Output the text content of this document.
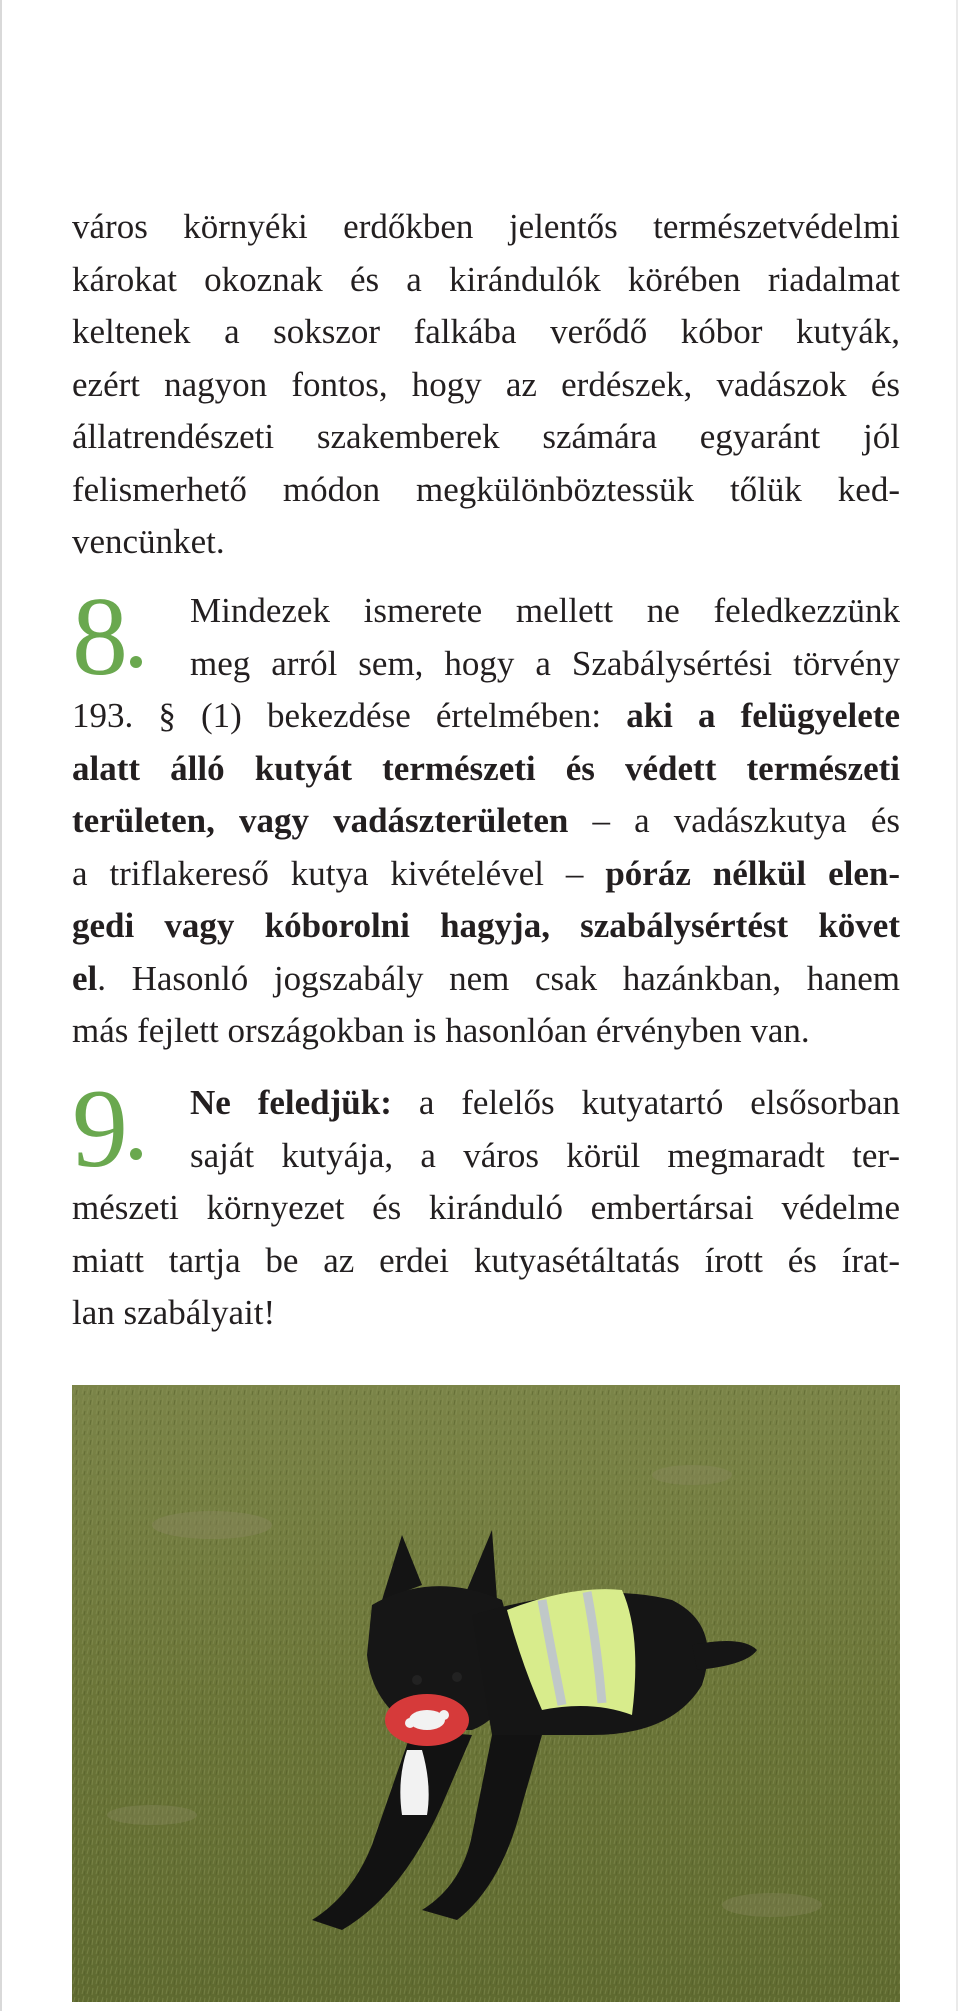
város környéki erdőkben jelentős természetvédelmi
károkat okoznak és a kirándulók körében riadalmat
keltenek a sokszor falkába verődő kóbor kutyák,
ezért nagyon fontos, hogy az erdészek, vadászok és
állatrendészeti szakemberek számára egyaránt jól
felismerhető módon megkülönböztessük tőlük ked-
vencünket.
8	Mindezek ismerete mellett ne feledkezzünk
meg arról sem, hogy a Szabálysértési törvény
193. § (1) bekezdése értelmében: aki a felügyelete
alatt álló kutyát természeti és védett természeti
területen, vagy vadászterületen – a vadászkutya és
a triflakereső kutya kivételével – póráz nélkül elen-
gedi vagy kóborolni hagyja, szabálysértést követ
el. Hasonló jogszabály nem csak hazánkban, hanem
más fejlett országokban is hasonlóan érvényben van.
9	Ne feledjük: a felelős kutyatartó elsősorban
saját kutyája, a város körül megmaradt ter-
mészeti környezet és kiránduló embertársai védelme
miatt tartja be az erdei kutyasétáltatás írott és írat-
lan szabályait!
